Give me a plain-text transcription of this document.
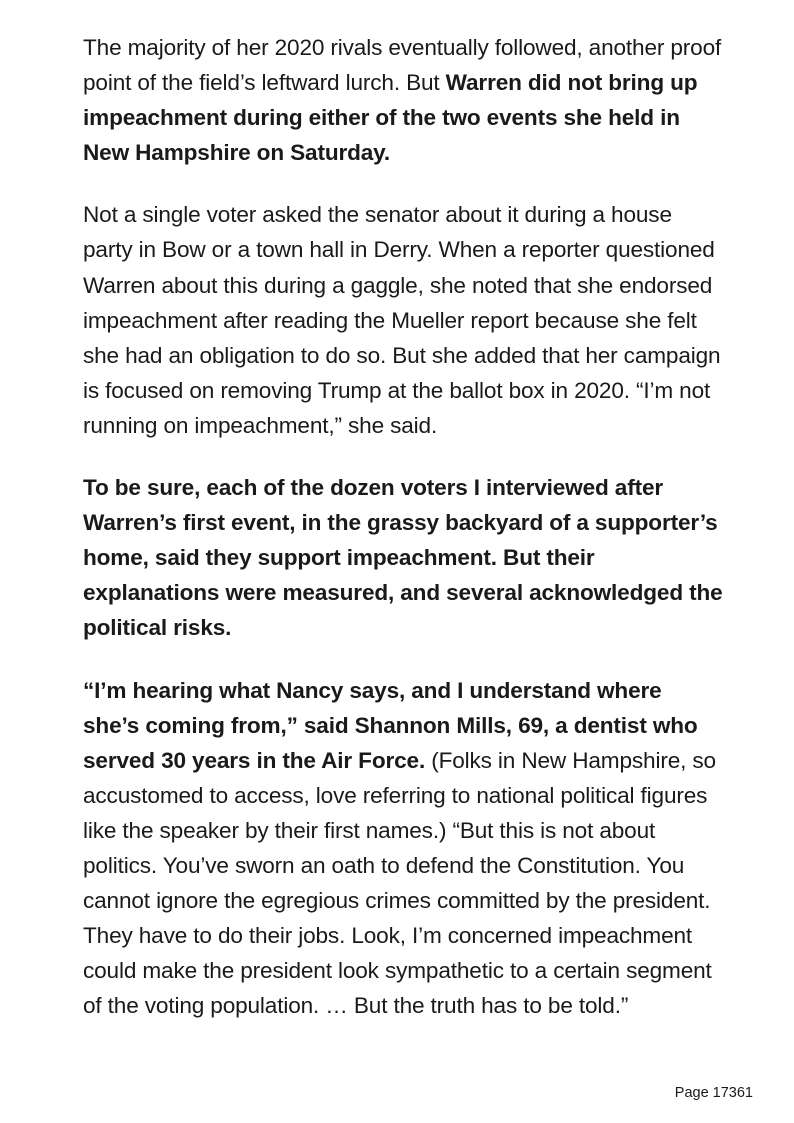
The majority of her 2020 rivals eventually followed, another proof point of the field’s leftward lurch. But Warren did not bring up impeachment during either of the two events she held in New Hampshire on Saturday.

Not a single voter asked the senator about it during a house party in Bow or a town hall in Derry. When a reporter questioned Warren about this during a gaggle, she noted that she endorsed impeachment after reading the Mueller report because she felt she had an obligation to do so. But she added that her campaign is focused on removing Trump at the ballot box in 2020. “I’m not running on impeachment,” she said.

To be sure, each of the dozen voters I interviewed after Warren’s first event, in the grassy backyard of a supporter’s home, said they support impeachment. But their explanations were measured, and several acknowledged the political risks.

“I’m hearing what Nancy says, and I understand where she’s coming from,” said Shannon Mills, 69, a dentist who served 30 years in the Air Force. (Folks in New Hampshire, so accustomed to access, love referring to national political figures like the speaker by their first names.) “But this is not about politics. You’ve sworn an oath to defend the Constitution. You cannot ignore the egregious crimes committed by the president. They have to do their jobs. Look, I’m concerned impeachment could make the president look sympathetic to a certain segment of the voting population. … But the truth has to be told.”

Page 17361
